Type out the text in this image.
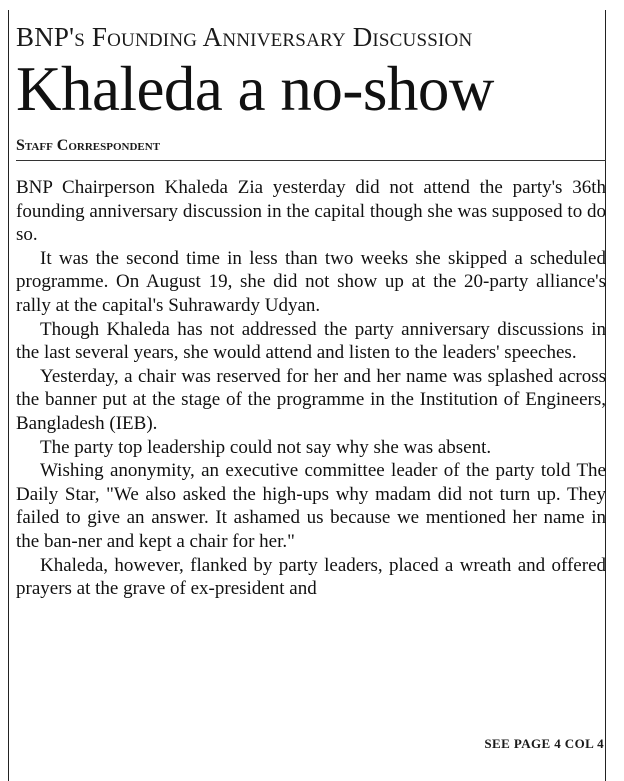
BNP's Founding Anniversary Discussion
Khaleda a no-show
Staff Correspondent

BNP Chairperson Khaleda Zia yesterday did not attend the party's 36th founding anniversary discussion in the capital though she was supposed to do so.

It was the second time in less than two weeks she skipped a scheduled programme. On August 19, she did not show up at the 20-party alliance's rally at the capital's Suhrawardy Udyan.

Though Khaleda has not addressed the party anniversary discussions in the last several years, she would attend and listen to the leaders' speeches.

Yesterday, a chair was reserved for her and her name was splashed across the banner put at the stage of the programme in the Institution of Engineers, Bangladesh (IEB).

The party top leadership could not say why she was absent.

Wishing anonymity, an executive committee leader of the party told The Daily Star, "We also asked the high-ups why madam did not turn up. They failed to give an answer. It ashamed us because we mentioned her name in the ban-ner and kept a chair for her."

Khaleda, however, flanked by party leaders, placed a wreath and offered prayers at the grave of ex-president and

SEE PAGE 4 COL 4
